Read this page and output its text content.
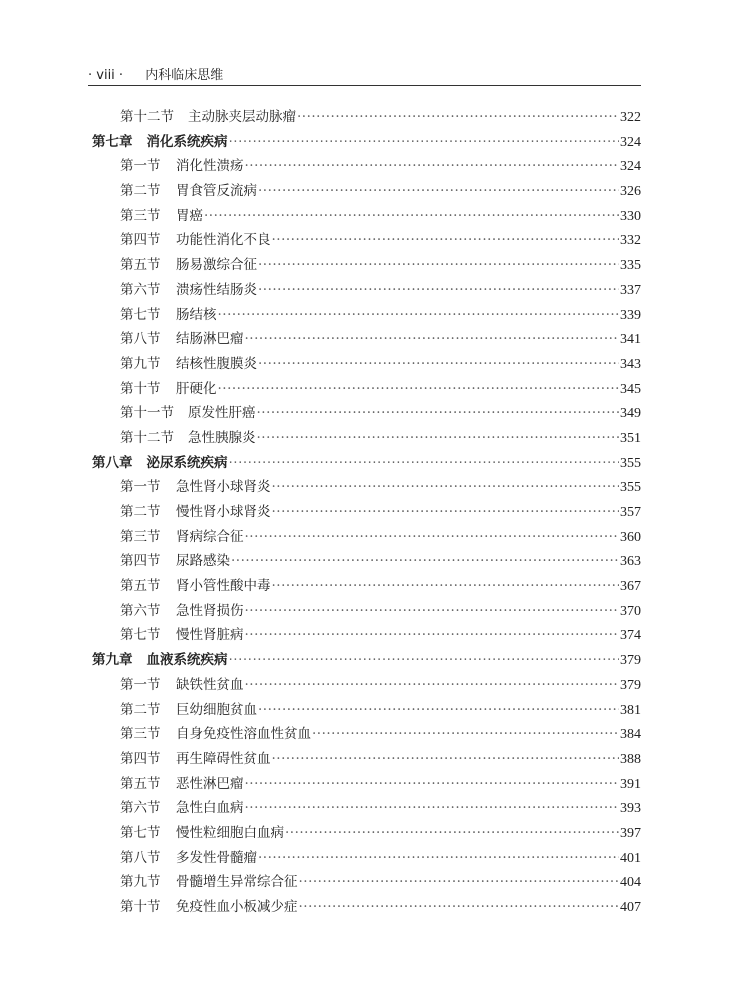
· viii · 内科临床思维
第十二节 主动脉夹层动脉瘤 ·····	322
第七章 消化系统疾病 ·····	324
第一节 消化性溃疡 ·····	324
第二节 胃食管反流病 ·····	326
第三节 胃癌 ·····	330
第四节 功能性消化不良 ·····	332
第五节 肠易激综合征 ·····	335
第六节 溃疡性结肠炎 ·····	337
第七节 肠结核 ·····	339
第八节 结肠淋巴瘤 ·····	341
第九节 结核性腹膜炎 ·····	343
第十节 肝硬化 ·····	345
第十一节 原发性肝癌 ·····	349
第十二节 急性胰腺炎 ·····	351
第八章 泌尿系统疾病 ·····	355
第一节 急性肾小球肾炎 ·····	355
第二节 慢性肾小球肾炎 ·····	357
第三节 肾病综合征 ·····	360
第四节 尿路感染 ·····	363
第五节 肾小管性酸中毒 ·····	367
第六节 急性肾损伤 ·····	370
第七节 慢性肾脏病 ·····	374
第九章 血液系统疾病 ·····	379
第一节 缺铁性贫血 ·····	379
第二节 巨幼细胞贫血 ·····	381
第三节 自身免疫性溶血性贫血 ·····	384
第四节 再生障碍性贫血 ·····	388
第五节 恶性淋巴瘤 ·····	391
第六节 急性白血病 ·····	393
第七节 慢性粒细胞白血病 ·····	397
第八节 多发性骨髓瘤 ·····	401
第九节 骨髓增生异常综合征 ·····	404
第十节 免疫性血小板减少症 ·····	407
